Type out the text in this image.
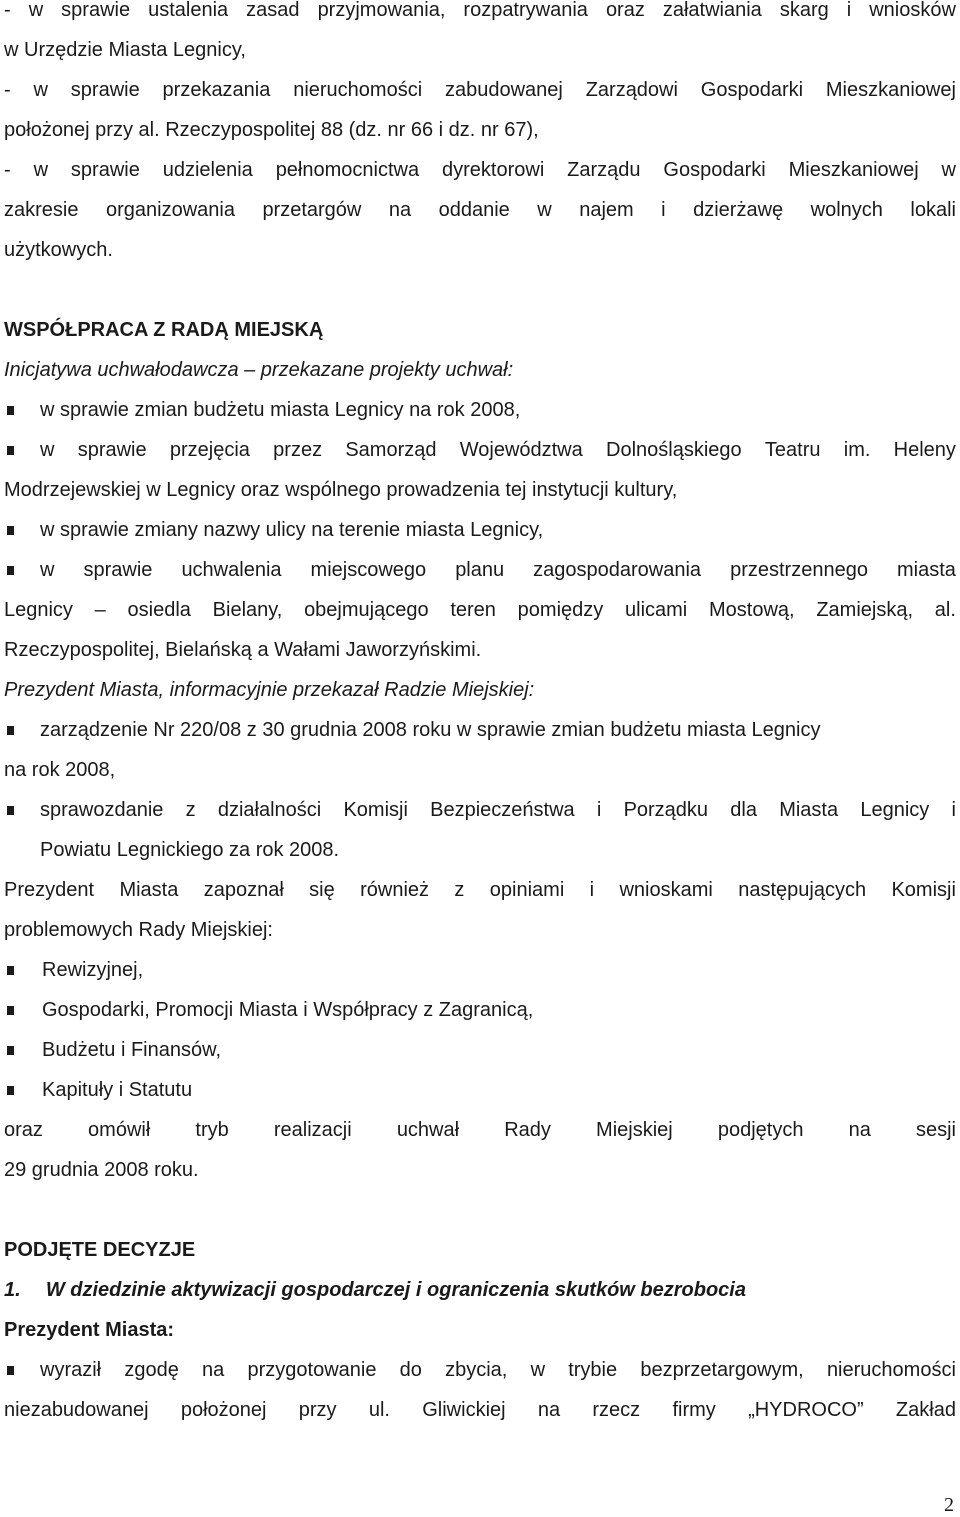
- w sprawie ustalenia zasad przyjmowania, rozpatrywania oraz załatwiania skarg i wniosków
w Urzędzie Miasta Legnicy,
- w sprawie przekazania nieruchomości zabudowanej Zarządowi Gospodarki Mieszkaniowej
położonej przy al. Rzeczypospolitej 88 (dz. nr 66 i dz. nr 67),
- w sprawie udzielenia pełnomocnictwa dyrektorowi Zarządu Gospodarki Mieszkaniowej w
zakresie organizowania przetargów na oddanie w najem i dzierżawę wolnych lokali
użytkowych.
WSPÓŁPRACA Z RADĄ MIEJSKĄ
Inicjatywa uchwałodawcza – przekazane projekty uchwał:
w sprawie zmian budżetu miasta Legnicy na rok 2008,
w sprawie przejęcia przez Samorząd Województwa Dolnośląskiego Teatru im. Heleny
Modrzejewskiej w Legnicy oraz wspólnego prowadzenia tej instytucji kultury,
w sprawie zmiany nazwy ulicy na terenie miasta Legnicy,
w sprawie uchwalenia miejscowego planu zagospodarowania przestrzennego miasta
Legnicy – osiedla Bielany, obejmującego teren pomiędzy ulicami Mostową, Zamiejską, al.
Rzeczypospolitej, Bielańską a Wałami Jaworzyńskimi.
Prezydent Miasta, informacyjnie przekazał Radzie Miejskiej:
zarządzenie Nr 220/08 z 30 grudnia 2008 roku w sprawie zmian budżetu miasta Legnicy
na rok 2008,
sprawozdanie z działalności Komisji Bezpieczeństwa i Porządku dla Miasta Legnicy i
Powiatu Legnickiego za rok 2008.
Prezydent Miasta zapoznał się również z opiniami i wnioskami następujących Komisji
problemowych Rady Miejskiej:
Rewizyjnej,
Gospodarki, Promocji Miasta i Współpracy z Zagranicą,
Budżetu i Finansów,
Kapituły i Statutu
oraz omówił tryb realizacji uchwał Rady Miejskiej podjętych na sesji
29 grudnia 2008 roku.
PODJĘTE DECYZJE
1. W dziedzinie aktywizacji gospodarczej i ograniczenia skutków bezrobocia
Prezydent Miasta:
wyraził zgodę na przygotowanie do zbycia, w trybie bezprzetargowym, nieruchomości
niezabudowanej położonej przy ul. Gliwickiej na rzecz firmy „HYDROCO” Zakład
2
